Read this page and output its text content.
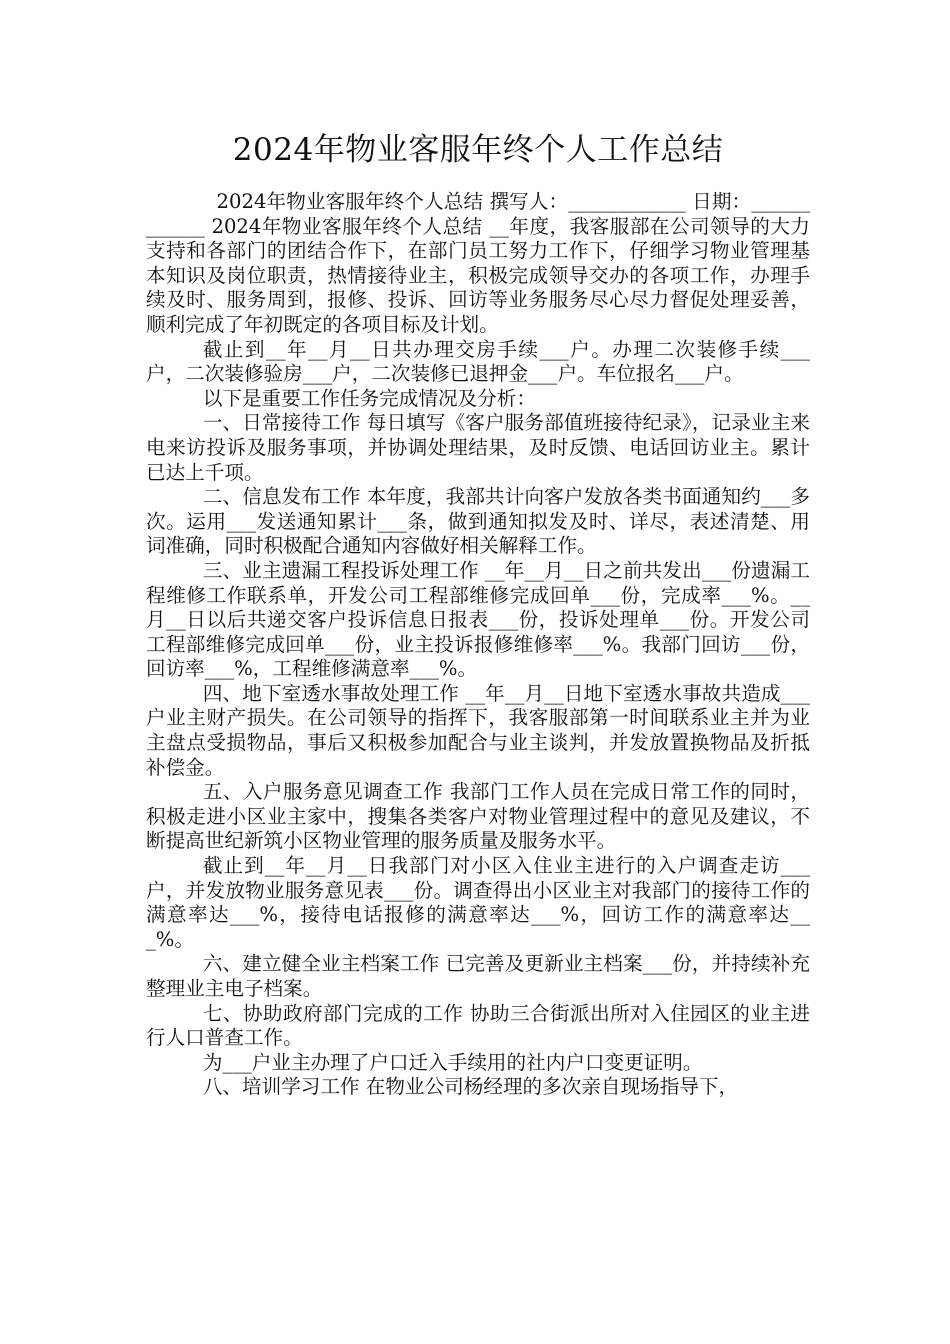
2024年物业客服年终个人工作总结

2024年物业客服年终个人总结 撰写人：____________ 日期：____________ 2024年物业客服年终个人总结 __年度，我客服部在公司领导的大力支持和各部门的团结合作下，在部门员工努力工作下，仔细学习物业管理基本知识及岗位职责，热情接待业主，积极完成领导交办的各项工作，办理手续及时、服务周到，报修、投诉、回访等业务服务尽心尽力督促处理妥善，顺利完成了年初既定的各项目标及计划。

截止到__年__月__日共办理交房手续___户。办理二次装修手续___户，二次装修验房___户，二次装修已退押金___户。车位报名___户。

以下是重要工作任务完成情况及分析：

一、日常接待工作 每日填写《客户服务部值班接待纪录》，记录业主来电来访投诉及服务事项，并协调处理结果，及时反馈、电话回访业主。累计已达上千项。

二、信息发布工作 本年度，我部共计向客户发放各类书面通知约___多次。运用___发送通知累计___条，做到通知拟发及时、详尽，表述清楚、用词准确，同时积极配合通知内容做好相关解释工作。

三、业主遗漏工程投诉处理工作 __年__月__日之前共发出___份遗漏工程维修工作联系单，开发公司工程部维修完成回单___份，完成率___%。__月__日以后共递交客户投诉信息日报表___份，投诉处理单___份。开发公司工程部维修完成回单___份，业主投诉报修维修率___%。我部门回访___份，回访率___%，工程维修满意率___%。

四、地下室透水事故处理工作 __年__月__日地下室透水事故共造成___户业主财产损失。在公司领导的指挥下，我客服部第一时间联系业主并为业主盘点受损物品，事后又积极参加配合与业主谈判，并发放置换物品及折抵补偿金。

五、入户服务意见调查工作 我部门工作人员在完成日常工作的同时，积极走进小区业主家中，搜集各类客户对物业管理过程中的意见及建议，不断提高世纪新筑小区物业管理的服务质量及服务水平。

截止到__年__月__日我部门对小区入住业主进行的入户调查走访___户，并发放物业服务意见表___份。调查得出小区业主对我部门的接待工作的满意率达___%，接待电话报修的满意率达___%，回访工作的满意率达___%。

六、建立健全业主档案工作 已完善及更新业主档案___份，并持续补充整理业主电子档案。

七、协助政府部门完成的工作 协助三合街派出所对入住园区的业主进行人口普查工作。

为___户业主办理了户口迁入手续用的社内户口变更证明。

八、培训学习工作 在物业公司杨经理的多次亲自现场指导下，
